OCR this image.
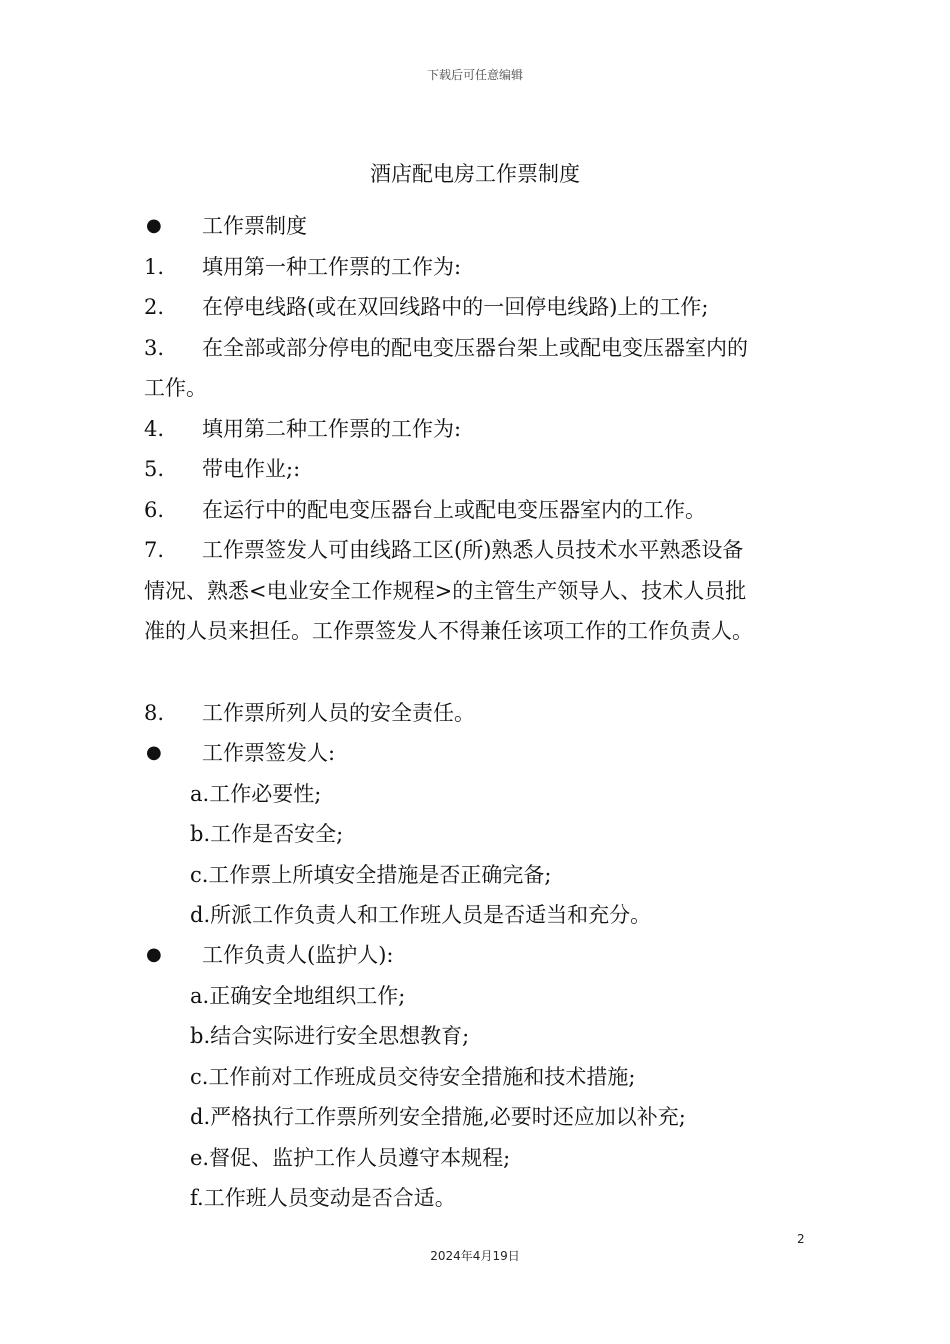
下载后可任意编辑
酒店配电房工作票制度
●	工作票制度
1.	填用第一种工作票的工作为:
2.	在停电线路(或在双回线路中的一回停电线路)上的工作;
3.	在全部或部分停电的配电变压器台架上或配电变压器室内的
工作。
4.	填用第二种工作票的工作为:
5.	带电作业;:
6.	在运行中的配电变压器台上或配电变压器室内的工作。
7.	工作票签发人可由线路工区(所)熟悉人员技术水平熟悉设备
情况、熟悉<电业安全工作规程>的主管生产领导人、技术人员批
准的人员来担任。工作票签发人不得兼任该项工作的工作负责人。
8.	工作票所列人员的安全责任。
●	工作票签发人:
a.工作必要性;
b.工作是否安全;
c.工作票上所填安全措施是否正确完备;
d.所派工作负责人和工作班人员是否适当和充分。
●	工作负责人(监护人):
a.正确安全地组织工作;
b.结合实际进行安全思想教育;
c.工作前对工作班成员交待安全措施和技术措施;
d.严格执行工作票所列安全措施,必要时还应加以补充;
e.督促、监护工作人员遵守本规程;
f.工作班人员变动是否合适。
2
2024年4月19日
